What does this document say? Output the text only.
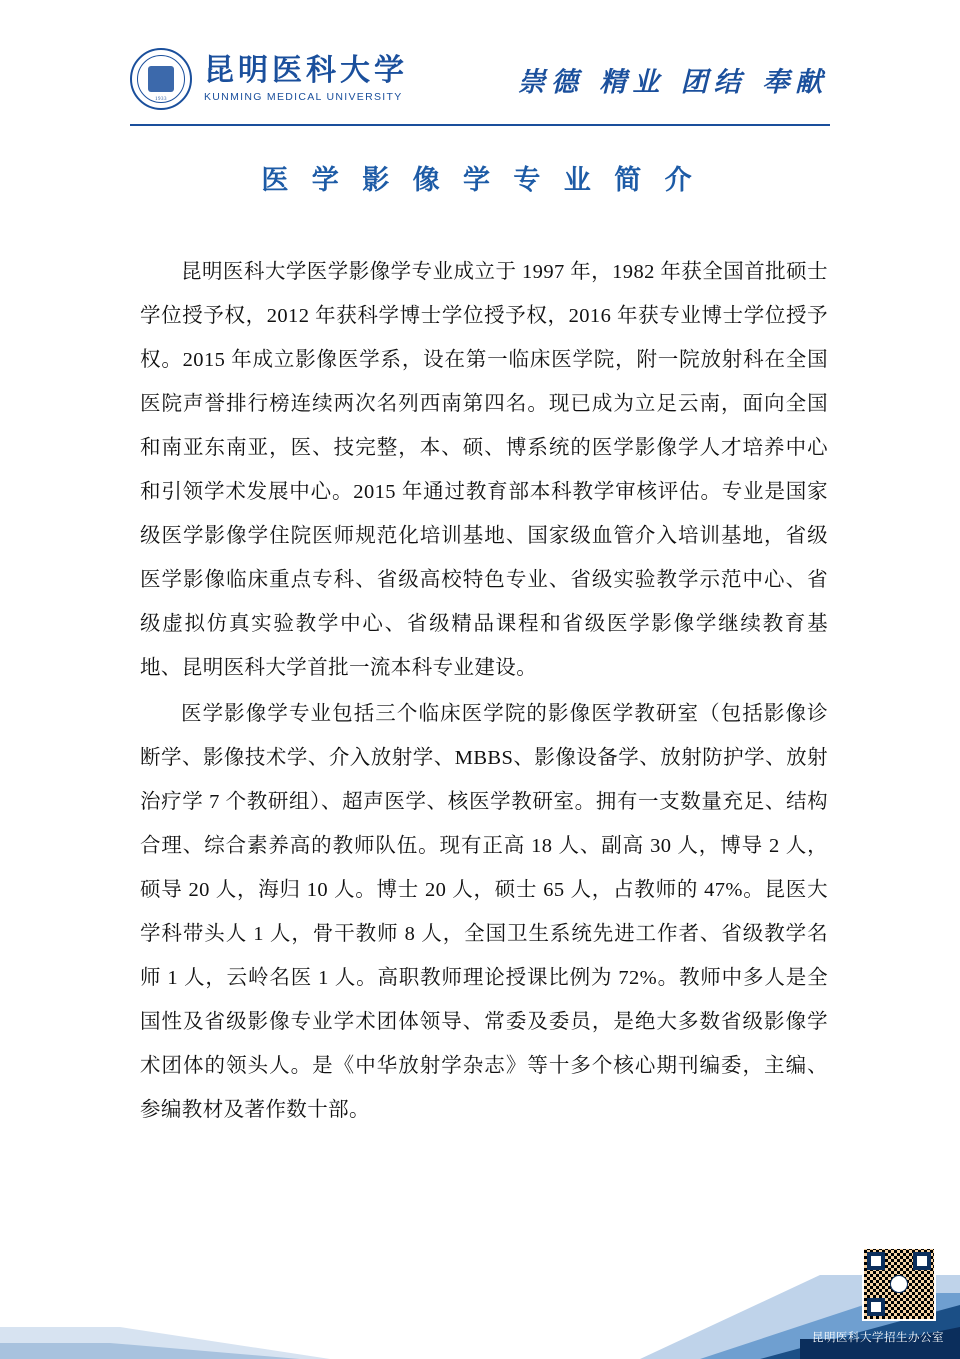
1933
昆明医科大学
KUNMING MEDICAL UNIVERSITY	崇德 精业 团结 奉献
医 学 影 像 学 专 业 简 介

昆明医科大学医学影像学专业成立于 1997 年，1982 年获全国首批硕士学位授予权，2012 年获科学博士学位授予权，2016 年获专业博士学位授予权。2015 年成立影像医学系，设在第一临床医学院，附一院放射科在全国医院声誉排行榜连续两次名列西南第四名。现已成为立足云南，面向全国和南亚东南亚，医、技完整，本、硕、博系统的医学影像学人才培养中心和引领学术发展中心。2015 年通过教育部本科教学审核评估。专业是国家级医学影像学住院医师规范化培训基地、国家级血管介入培训基地，省级医学影像临床重点专科、省级高校特色专业、省级实验教学示范中心、省级虚拟仿真实验教学中心、省级精品课程和省级医学影像学继续教育基地、昆明医科大学首批一流本科专业建设。

医学影像学专业包括三个临床医学院的影像医学教研室（包括影像诊断学、影像技术学、介入放射学、MBBS、影像设备学、放射防护学、放射治疗学 7 个教研组）、超声医学、核医学教研室。拥有一支数量充足、结构合理、综合素养高的教师队伍。现有正高 18 人、副高 30 人，博导 2 人，硕导 20 人，海归 10 人。博士 20 人，硕士 65 人，占教师的 47%。昆医大学科带头人 1 人，骨干教师 8 人，全国卫生系统先进工作者、省级教学名师 1 人，云岭名医 1 人。高职教师理论授课比例为 72%。教师中多人是全国性及省级影像专业学术团体领导、常委及委员，是绝大多数省级影像学术团体的领头人。是《中华放射学杂志》等十多个核心期刊编委，主编、参编教材及著作数十部。

昆明医科大学招生办公室
